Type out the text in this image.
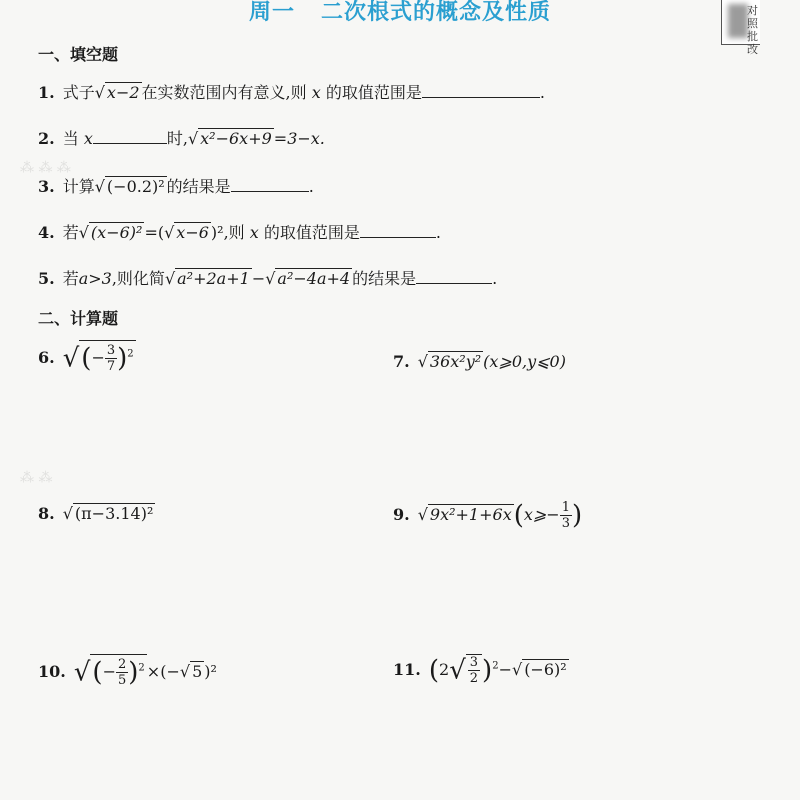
⁂ ⁂ ⁂
⁂ ⁂
周一 二次根式的概念及性质	对照批改
一、填空题
1. 式子√ x−2 在实数范围内有意义,则 x 的取值范围是	.
2. 当 x	时,√ x²−6x+9 =3−x.
3. 计算√ (−0.2)² 的结果是	.
4. 若√ (x−6)² =(√ x−6 )²,则 x 的取值范围是	.
5. 若a>3,则化简√ a²+2a+1 −√ a²−4a+4 的结果是	.
二、计算题
6. √(− $\frac{3}{7} )^2$	7. √ 36x²y² (x⩾0,y⩽0)
8. √ (π−3.14)²	9. √ 9x²+1+6x(x⩾− $\frac{1}{3}$ )
10. √(− $\frac{2}{5} )^2$ ×(−√ 5 )²	11. $(2√ \frac{3}{2} )^2-√$ (−6)²
